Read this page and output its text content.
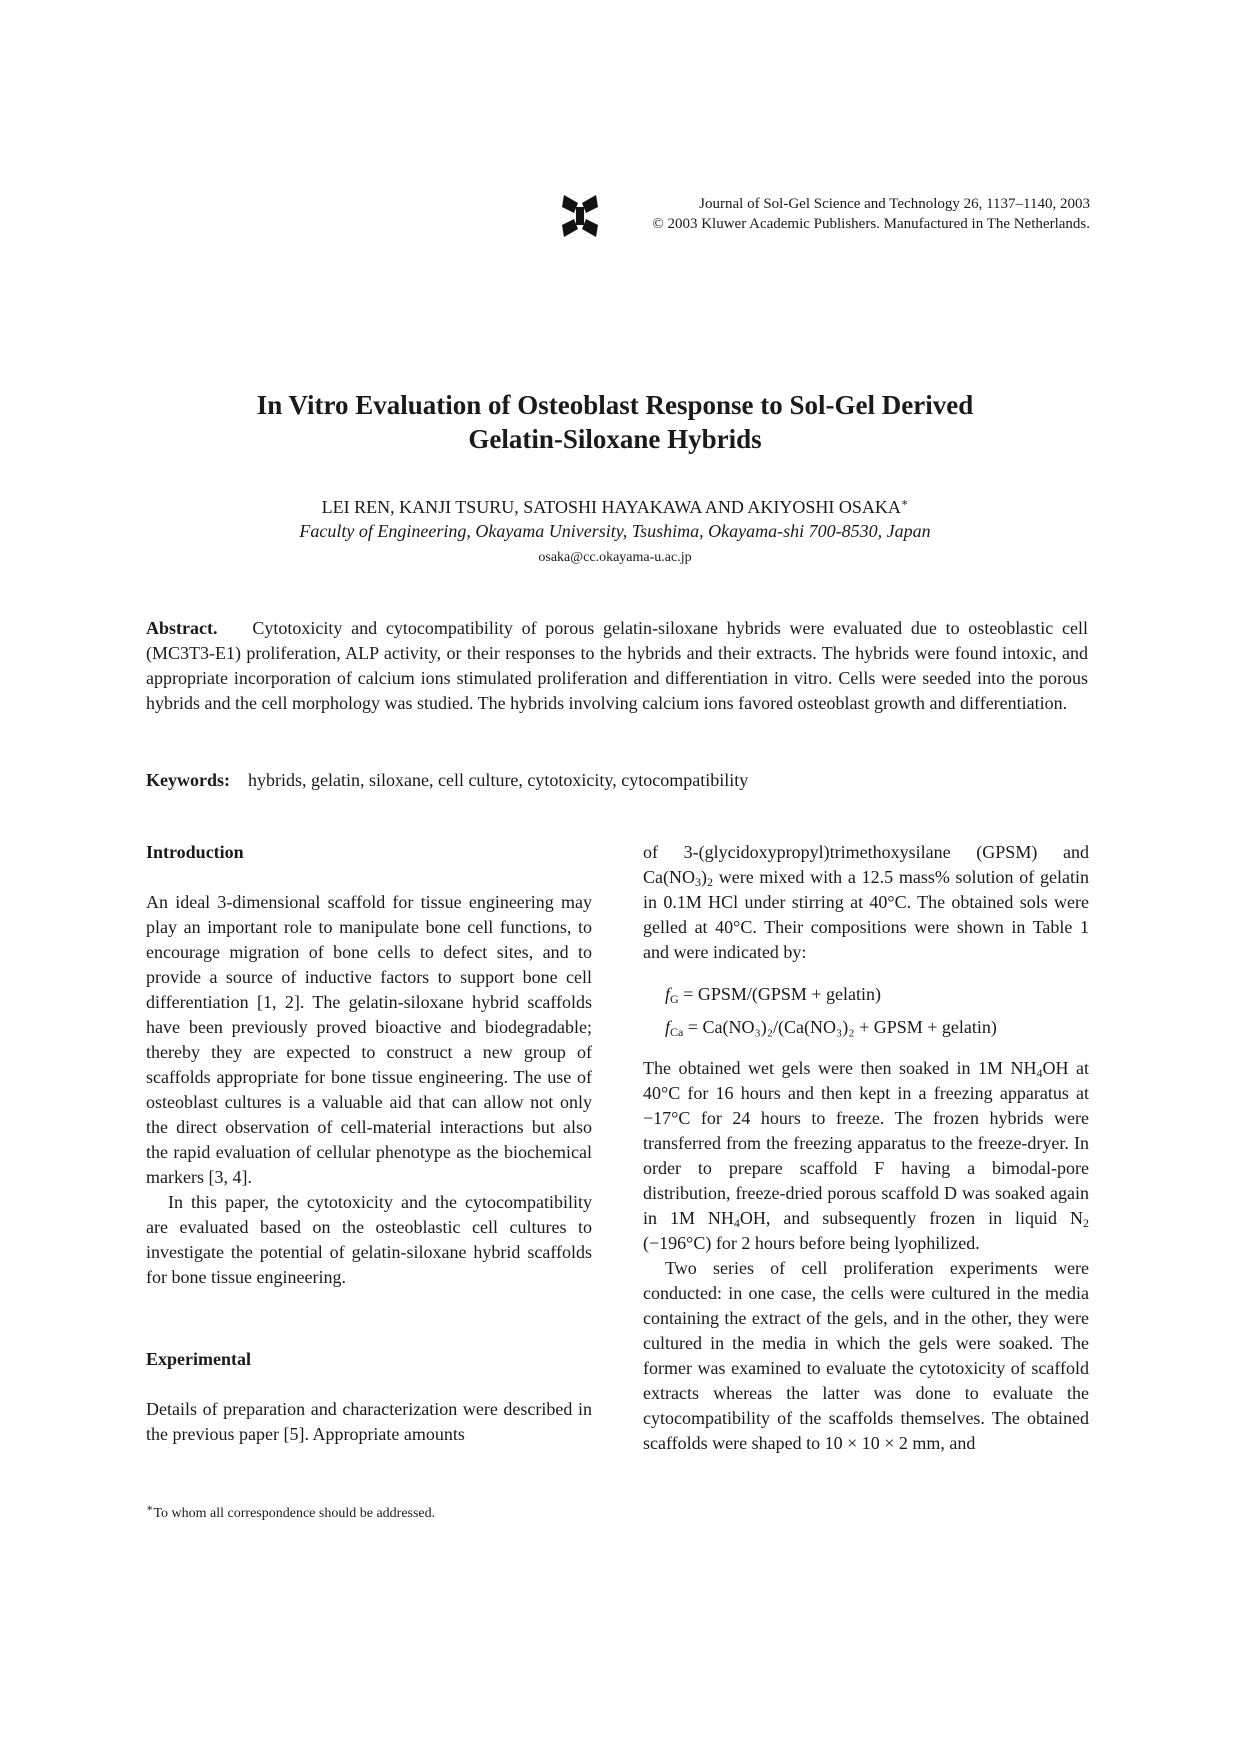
Journal of Sol-Gel Science and Technology 26, 1137–1140, 2003
© 2003 Kluwer Academic Publishers. Manufactured in The Netherlands.
In Vitro Evaluation of Osteoblast Response to Sol-Gel Derived
Gelatin-Siloxane Hybrids
LEI REN, KANJI TSURU, SATOSHI HAYAKAWA AND AKIYOSHI OSAKA∗
Faculty of Engineering, Okayama University, Tsushima, Okayama-shi 700-8530, Japan
osaka@cc.okayama-u.ac.jp
Abstract. Cytotoxicity and cytocompatibility of porous gelatin-siloxane hybrids were evaluated due to osteoblastic cell (MC3T3-E1) proliferation, ALP activity, or their responses to the hybrids and their extracts. The hybrids were found intoxic, and appropriate incorporation of calcium ions stimulated proliferation and differentiation in vitro. Cells were seeded into the porous hybrids and the cell morphology was studied. The hybrids involving calcium ions favored osteoblast growth and differentiation.
Keywords: hybrids, gelatin, siloxane, cell culture, cytotoxicity, cytocompatibility

Introduction

An ideal 3-dimensional scaffold for tissue engineering may play an important role to manipulate bone cell functions, to encourage migration of bone cells to defect sites, and to provide a source of inductive factors to support bone cell differentiation [1, 2]. The gelatin-siloxane hybrid scaffolds have been previously proved bioactive and biodegradable; thereby they are expected to construct a new group of scaffolds appropriate for bone tissue engineering. The use of osteoblast cultures is a valuable aid that can allow not only the direct observation of cell-material interactions but also the rapid evaluation of cellular phenotype as the biochemical markers [3, 4].

In this paper, the cytotoxicity and the cytocompatibility are evaluated based on the osteoblastic cell cultures to investigate the potential of gelatin-siloxane hybrid scaffolds for bone tissue engineering.

Experimental

Details of preparation and characterization were described in the previous paper [5]. Appropriate amounts

∗To whom all correspondence should be addressed.

of 3-(glycidoxypropyl)trimethoxysilane (GPSM) and $Ca(NO_3)_2$ were mixed with a 12.5 mass% solution of gelatin in 0.1M HCl under stirring at 40°C. The obtained sols were gelled at 40°C. Their compositions were shown in Table 1 and were indicated by:

$f_G$ = GPSM/(GPSM + gelatin)
$f_{Ca} = Ca(NO_3)_2/(Ca(NO_3)_2$ + GPSM + gelatin)

The obtained wet gels were then soaked in 1M $NH_4OH$ at 40°C for 16 hours and then kept in a freezing apparatus at −17°C for 24 hours to freeze. The frozen hybrids were transferred from the freezing apparatus to the freeze-dryer. In order to prepare scaffold F having a bimodal-pore distribution, freeze-dried porous scaffold D was soaked again in 1M $NH_4OH$, and subsequently frozen in liquid $N_2$ (−196°C) for 2 hours before being lyophilized.

Two series of cell proliferation experiments were conducted: in one case, the cells were cultured in the media containing the extract of the gels, and in the other, they were cultured in the media in which the gels were soaked. The former was examined to evaluate the cytotoxicity of scaffold extracts whereas the latter was done to evaluate the cytocompatibility of the scaffolds themselves. The obtained scaffolds were shaped to 10 × 10 × 2 mm, and
